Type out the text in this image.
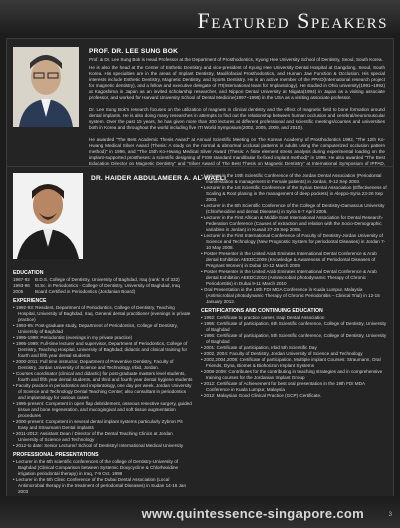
Featured Speakers
PROF. DR. LEE SUNG BOK
Prof. & Dr. Lee Sung Bok is Head Professor at the Department of Prosthodontics, Kyung Hee University School of Dentistry, Seoul, South Korea.
He is also the head at the Center of Esthetic Dentistry and vice-president of Kyung Hee University Dental Hospital at Gangdong, Seoul, South Korea. His specialties are in the areas of Implant Dentistry, Maxillofacial Prosthodontics, and Human Jaw Function & Occlusion. His special interests include Esthetic Dentistry, Magnetic Dentistry, and Sports Dentistry. He is an active member of the PPAD(International research project for magnetic dentistry), and a fellow and executive delegate of ITI(International team for Implantology). He studied in Ohio university(1991~1992) at Kagoshima in Japan as an invited scholarship researcher, and Nippon Dental University at Niigata(1994) in Japan as a visiting associate professor, and worked for Harvard University School of Dental Medicine(1997~1998) in the USA as a visiting associate professor.
Dr. Lee Sung Bok's research focuses on the utilization of magnets in clinical dentistry and the effect of magnetic field to bone formation around dental implants. He is also doing many researches in attempts to find out the relationship between human occlusion and cerebral/neuromuscular system. Over the past 15 years, he has given more than 200 lectures at different professional and scientific meetings/courses and universities both in Korea and throughout the world including five ITI World Symposium(2002, 2005, 2009, and 2010).
He awarded "The Best Academic Thesis Award" at Annual Scientific Meeting on The Korean Academy of Prosthodontics 1992, "The 12th Ko-Hwang Medical Silver Award (Thesis: A study on the normal & abnormal occlusal patterns in adults using the computerized occlusion pattern method)" in 1996, and "The 15th Ko-Hwang Medical Silver Award (Thesis: A finite element stress analysis during experimental loading on the implant-supported prostheses: a scientific designing of FSW standard mandibular fix-fixed implant method)" in 1998. He also awarded "The Best Education Director on Magnetic Dentistry" and "Silver Award of The Best Thesis on Magnetic Dentistry" at International Symposium of IPPAD,
DR. HAIDER ABDULAMEER A. AL-WAELI
EDUCATION
1987-92	B.D.S. College of Dentistry, University of Baghdad, Iraq (rank: 8 of 332)
1993-96	M.Sc. in Periodontics - College of Dentistry, University of Baghdad, Iraq
2005	Board Certified in Periodontics (Jordanian Board)
EXPERIENCE
• 1992-93: Resident, Department of Periodontics, College of Dentistry, Teaching Hospital, University of Baghdad, Iraq. General dental practitioner (evenings in private practice)
• 1993-95: Post-graduate study, Department of Periodontics, College of Dentistry, University of Baghdad
• 1995-1999: Periodontist (evenings in my private practice)
• 1995-1999: Full-time lecturer and supervisor, Department of Periodontics, College of Dentistry, Teaching Hospital, University of Baghdad; didactic and clinical training for fourth and fifth year dental students
• 2000-2011: Full time instructor, Department of Preventive Dentistry, Faculty of Dentistry, Jordan University of Science and Technology, Irbid, Jordan.
• Courses coordinator (clinical and didactic) for post-graduate masters level students, fourth and fifth year dental students, and third and fourth year dental hygiene students
• Faculty practice in periodontics and implantology, one day per week, Jordan University of Science and Technology Dental Teaching Center; also consultant in periodontics and implantology for various cases
• 1995-present: Competent in open flap debridement, osseous resective surgery, guided tissue and bone regeneration, and mucogingival and soft tissue augmentation procedures
• 2000-present: Competent in several dental implant systems particularly Zybron Pit Easy and Straumann Dental implants
• 2011-2012: Assistant Dean / Director of the Dental Teaching Clinics at Jordan University of Science and Technology
• 2012-to date: Senior Lecturer/ School of Dentistry/ International Medical University
PROFESSIONAL PRESENTATIONS
• Lecturer in the 6th scientific conferences of the college of Dentistry-University of Baghdad (Clinical Comparison between Systemic Doxycycline & Chlorhexidine irrigation periodontal therapy) in Iraq, 7-9 Oct. 1998
• Lecturer in the 5th Clinic Conference of the Dubai Dental Association (Local Antimicrobial therapy in the treatment of periodontal Diseases) in Sudan 14-16 Jan 2003
• Lecturer in the 19th Scientific Conference of the Jordan Dental Association (Periodontal manifestation & management in Female patients) in Jordan, 9-12 Sep 2003.
• Lecturer in the 1st Scientific Conference of the Syrian Dental Association (Effectiveness of Scaling & Root planing in the management of deep pockets) in Aleppo-Syria 23-26 Sep 2003.
• Lecturer in the 6th Scientific Conference of the College of Dentistry-Damascus University (Chlorhexidine and dental Diseases) in Syria 5-7 April 2005.
• Lecturer in the First African & Middle East International Association for Dental Research-Federation Conference (Causes of extraction and relation with the Socio-Demographic variables in Jordan) in Kuwait 27-29 Sep 2005.
• Lecturer in the First International Conference of Faculty of Dentistry-Jordan University of Science and Technology (New Prognostic System for periodontal Diseases) in Jordan 7-10 May 2008.
• Poster Presenter in the United Arab Emirates International Dental Conference & Arab dental Exhibition AEEDC2009 (Knowledge & Awareness of Periodontal Diseases of Pregnant Women) in Dubai 10-12 March 2009
• Poster Presenter in the United Arab Emirates International Dental Conference & Arab dental Exhibition AEEDC2010 (Antimicrobial photodynamic Therapy of Chronic Periodontitis) in Dubai 9-11 March 2010
• Oral Presentation in the 19th FDI MDA Conference in Kuala Lumpur, Malaysia (Antimicrobial photodynamic Therapy of Chronic Periodontitis – Clinical Trial) in 12-15 January 2012.
CERTIFICATIONS AND CONTINUING EDUCATION
• 1992: Certificate to practice career, Iraqi Dental Association
• 1995: Certificate of participation, 6th Scientific conference, College of Dentistry, University of Baghdad
• 1995: Certificate of participation, 5th Scientific conference, College of Dentistry, University of Baghdad
• 2001: Certificate of participation, Irbid 5th Scientific Day
• 2002, 2004: Faculty of Dentistry, Jordan University of Science and Technology
• 2002,2004,2008: Certificate of participation, Multiple implant Courses: Straumann, Oral Friends, Dyna, Biomet & Biohorizon Implant Systems
• 2008-2009: Contributes for the contributing in teaching strategies and in comprehensive training courses for the Jordanian Implant Group
• 2012: Certificate of Achievement for best oral presentation in the 19th FDI MDA Conference in Kuala Lumpur, Malaysia
• 2012: Malaysian Good Clinical Practice (GCP) Certificate.
www.quintessence-singapore.com	3
